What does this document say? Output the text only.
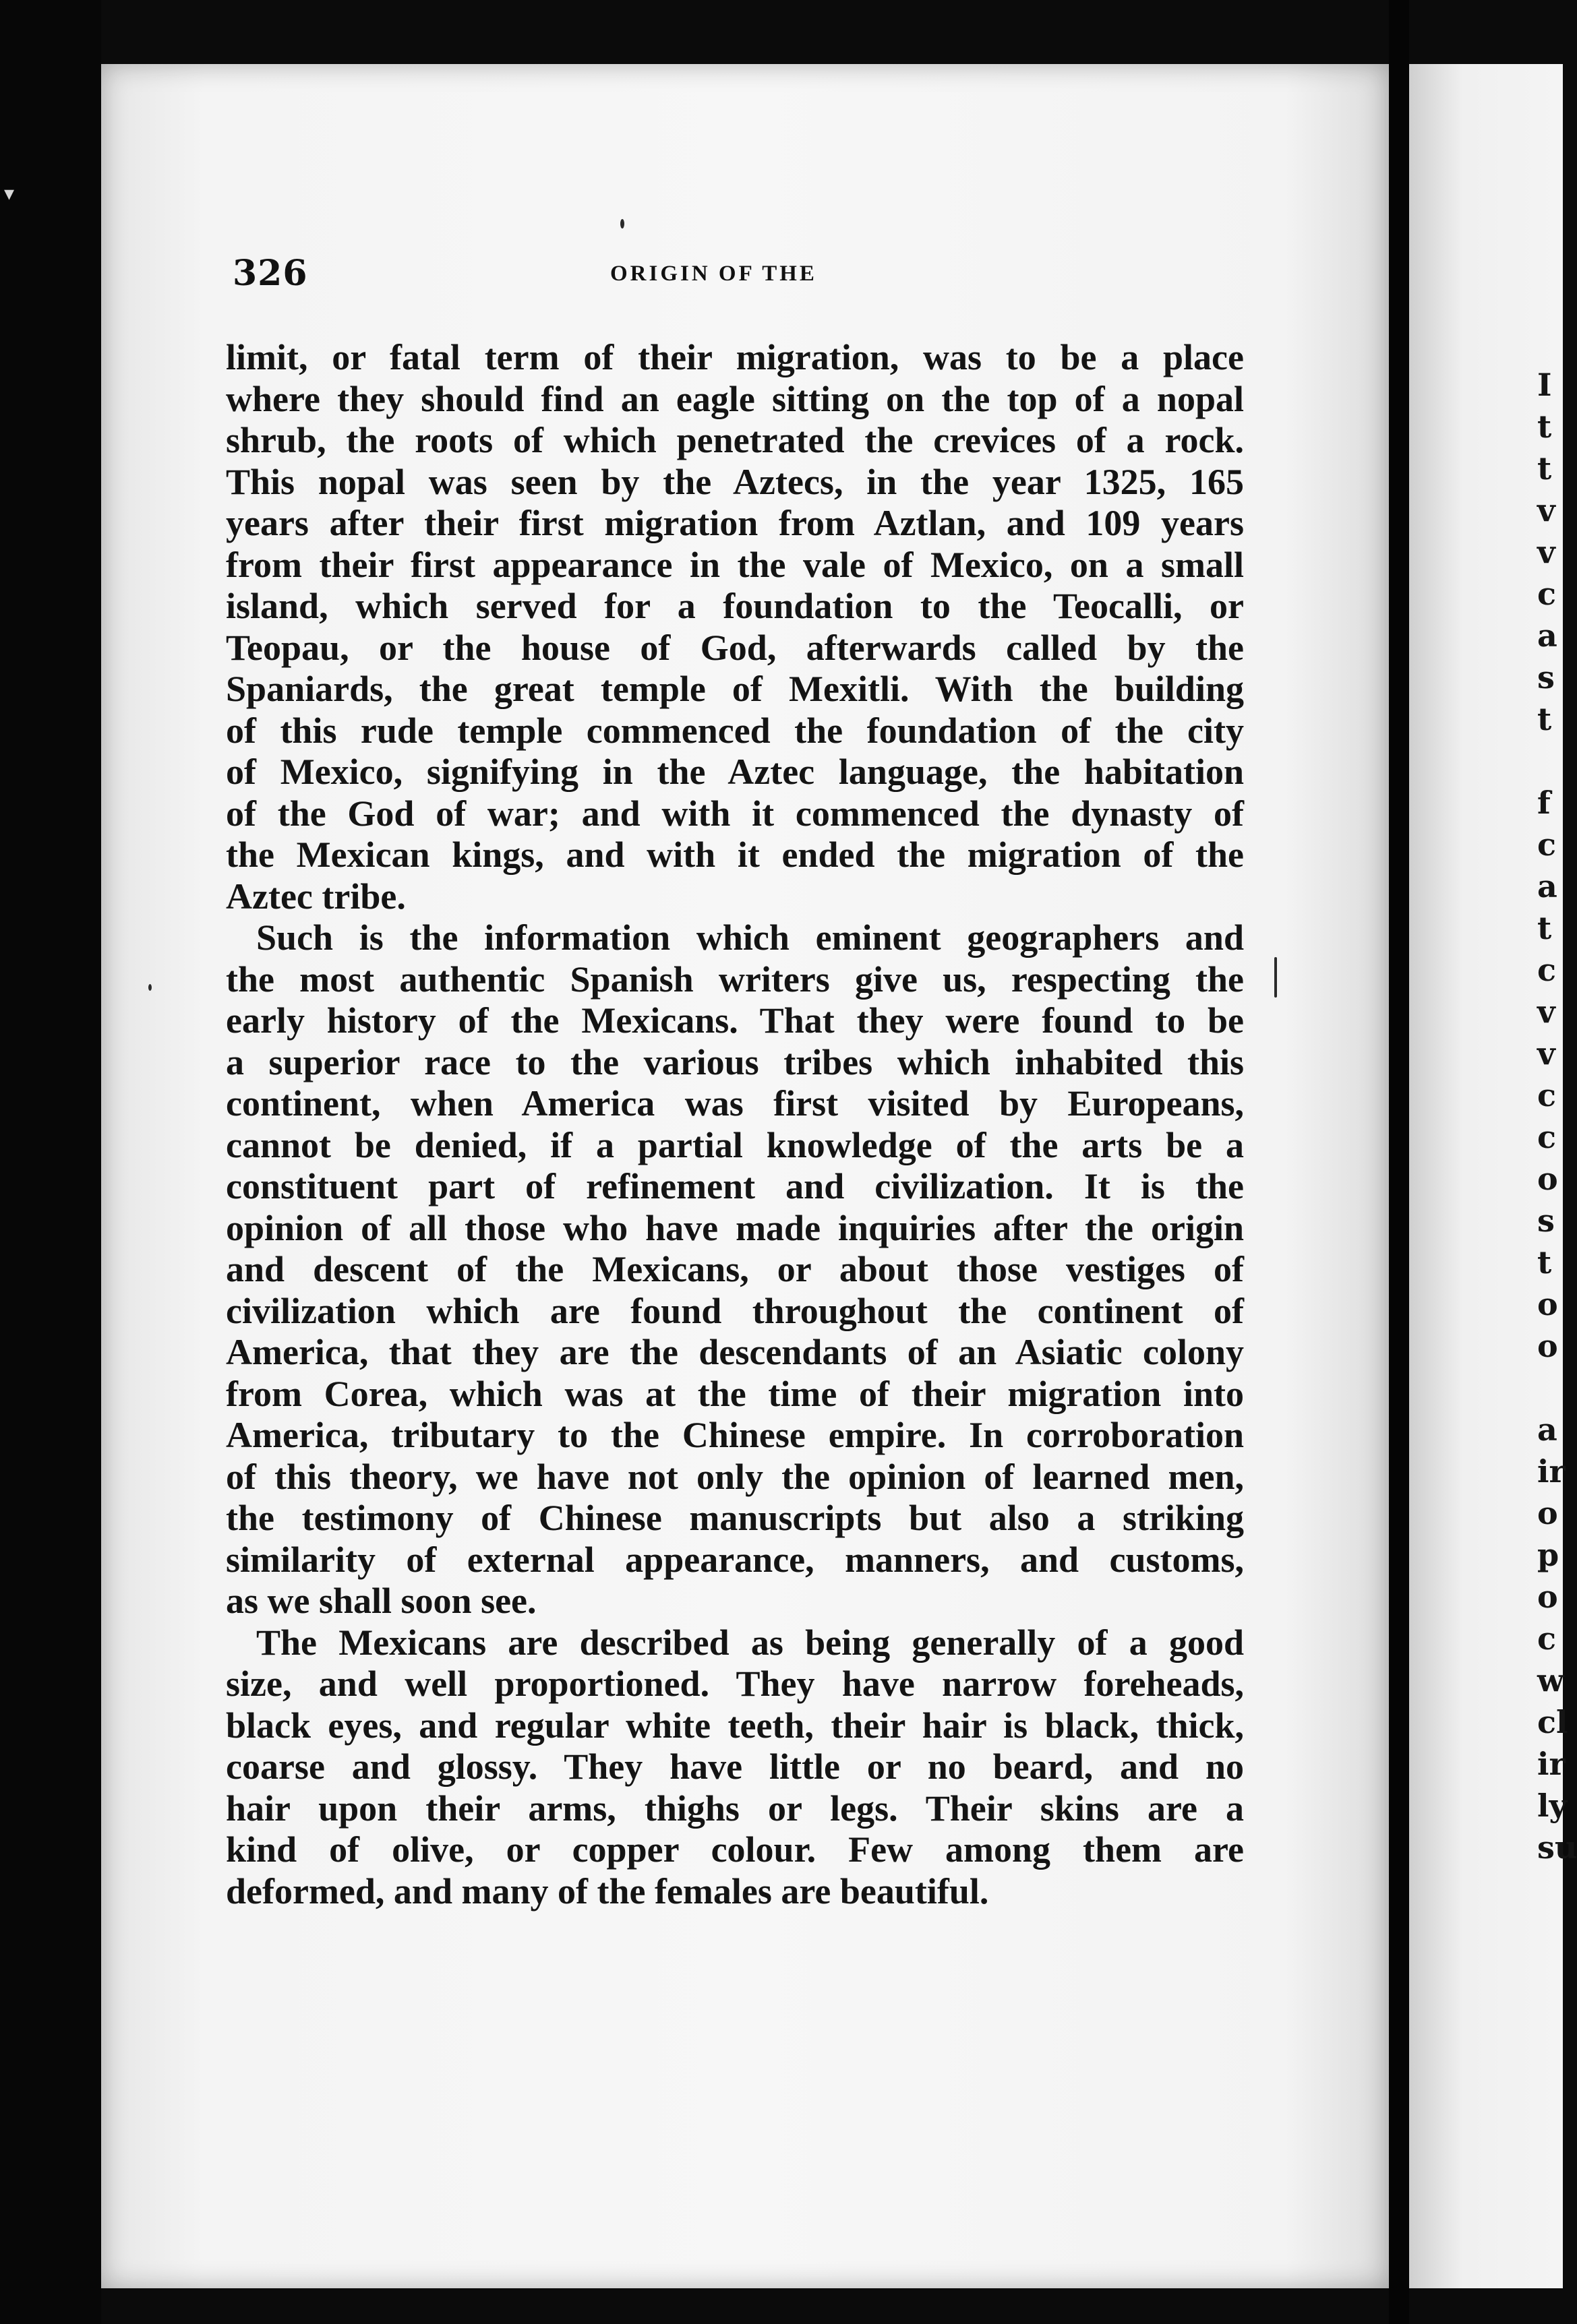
▾
I
t
t
v
v
c
a
s
t
f
c
a
t
c
v
v
c
c
o
s
t
o
o
a
ir
o
p
o
c
w
cl
ir
ly
su
326	ORIGIN OF THE
limit, or fatal term of their migration, was to be a place
where they should find an eagle sitting on the top of a nopal
shrub, the roots of which penetrated the crevices of a rock.
This nopal was seen by the Aztecs, in the year 1325, 165
years after their first migration from Aztlan, and 109 years
from their first appearance in the vale of Mexico, on a small
island, which served for a foundation to the Teocalli, or
Teopau, or the house of God, afterwards called by the
Spaniards, the great temple of Mexitli. With the building
of this rude temple commenced the foundation of the city
of Mexico, signifying in the Aztec language, the habitation
of the God of war; and with it commenced the dynasty of
the Mexican kings, and with it ended the migration of the
Aztec tribe.
Such is the information which eminent geographers and
the most authentic Spanish writers give us, respecting the
early history of the Mexicans. That they were found to be
a superior race to the various tribes which inhabited this
continent, when America was first visited by Europeans,
cannot be denied, if a partial knowledge of the arts be a
constituent part of refinement and civilization. It is the
opinion of all those who have made inquiries after the origin
and descent of the Mexicans, or about those vestiges of
civilization which are found throughout the continent of
America, that they are the descendants of an Asiatic colony
from Corea, which was at the time of their migration into
America, tributary to the Chinese empire. In corroboration
of this theory, we have not only the opinion of learned men,
the testimony of Chinese manuscripts but also a striking
similarity of external appearance, manners, and customs,
as we shall soon see.
The Mexicans are described as being generally of a good
size, and well proportioned. They have narrow foreheads,
black eyes, and regular white teeth, their hair is black, thick,
coarse and glossy. They have little or no beard, and no
hair upon their arms, thighs or legs. Their skins are a
kind of olive, or copper colour. Few among them are
deformed, and many of the females are beautiful.
